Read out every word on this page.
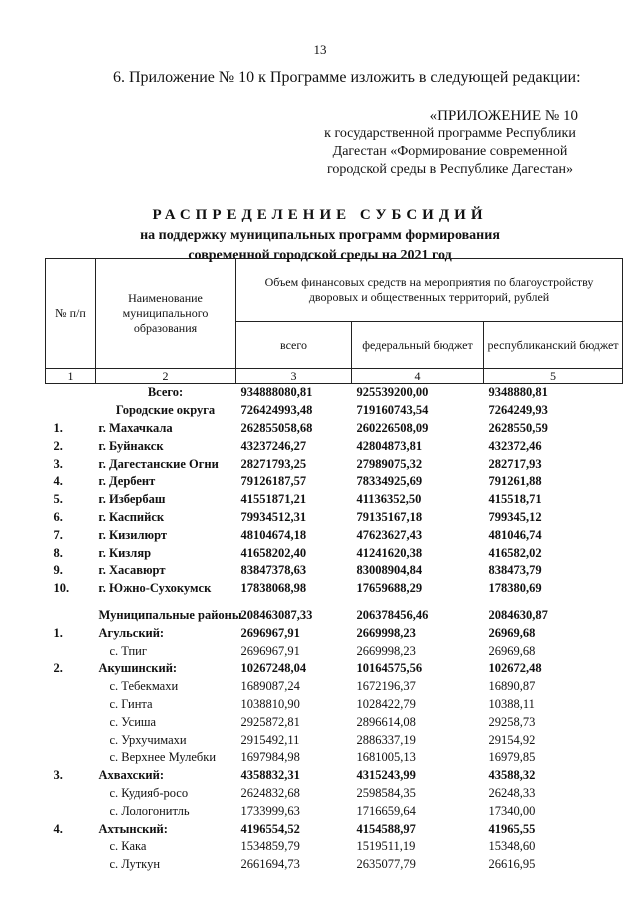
13
6. Приложение № 10 к Программе изложить в следующей редакции:
«ПРИЛОЖЕНИЕ № 10
к государственной программе Республики
Дагестан «Формирование современной
городской среды в Республике Дагестан»
РАСПРЕДЕЛЕНИЕ СУБСИДИЙ
на поддержку муниципальных программ формирования
современной городской среды на 2021 год
№ п/п	Наименование муниципального образования	Объем финансовых средств на мероприятия по благоустройству дворовых и общественных территорий, рублей		
		всего	федеральный бюджет	республиканский бюджет
1	2	3	4	5
	Всего:	934888080,81	925539200,00	9348880,81
	Городские округа	726424993,48	719160743,54	7264249,93
1.	г. Махачкала	262855058,68	260226508,09	2628550,59
2.	г. Буйнакск	43237246,27	42804873,81	432372,46
3.	г. Дагестанские Огни	28271793,25	27989075,32	282717,93
4.	г. Дербент	79126187,57	78334925,69	791261,88
5.	г. Избербаш	41551871,21	41136352,50	415518,71
6.	г. Каспийск	79934512,31	79135167,18	799345,12
7.	г. Кизилюрт	48104674,18	47623627,43	481046,74
8.	г. Кизляр	41658202,40	41241620,38	416582,02
9.	г. Хасавюрт	83847378,63	83008904,84	838473,79
10.	г. Южно-Сухокумск	17838068,98	17659688,29	178380,69

	Муниципальные районы	208463087,33	206378456,46	2084630,87
1.	Агульский:	2696967,91	2669998,23	26969,68
	с. Тпиг	2696967,91	2669998,23	26969,68
2.	Акушинский:	10267248,04	10164575,56	102672,48
	с. Тебекмахи	1689087,24	1672196,37	16890,87
	с. Гинта	1038810,90	1028422,79	10388,11
	с. Усиша	2925872,81	2896614,08	29258,73
	с. Урхучимахи	2915492,11	2886337,19	29154,92
	с. Верхнее Мулебки	1697984,98	1681005,13	16979,85
3.	Ахвахский:	4358832,31	4315243,99	43588,32
	с. Кудияб-росо	2624832,68	2598584,35	26248,33
	с. Лологонитль	1733999,63	1716659,64	17340,00
4.	Ахтынский:	4196554,52	4154588,97	41965,55
	с. Кака	1534859,79	1519511,19	15348,60
	с. Луткун	2661694,73	2635077,79	26616,95
